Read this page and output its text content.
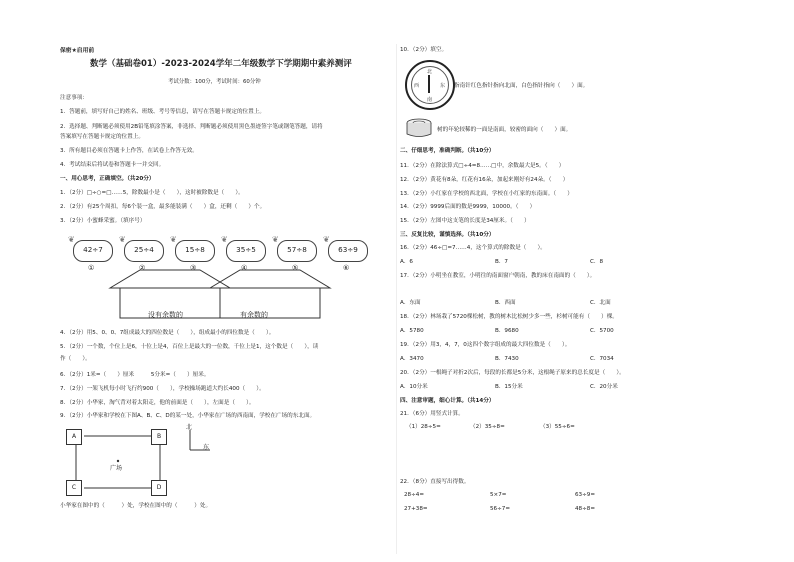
保密★启用前
数学（基础卷01）-2023-2024学年二年级数学下学期期中素养测评
考试分数：100分，考试时间：60分钟
注意事项：
1．答题前，填写好自己的姓名、班级、考号等信息，请写在答题卡规定的位置上。
2．选择题、判断题必须使用2B铅笔填涂答案，非选择、判断题必须使用黑色墨迹签字笔或钢笔答题，请将
答案填写在答题卡规定的位置上。
3．所有题目必须在答题卡上作答，在试卷上作答无效。
4．考试结束后将试卷和答题卡一并交回。
一、用心思考，正确填空。（共20分）
1．（2分）□÷○=□……5，除数最小是（　　），这时被除数是（　　）。
2．（2分）有25个周扣，每6个装一盒，最多能装满（　　）盒，还剩（　　）个。
3．（2分）小蜜蜂采蜜。（填序号）
❦
42÷7
❦
25÷4
❦
15÷8
❦
35÷5
❦
57÷8
❦
63÷9
①	②	③	④	⑤	⑥
没有余数的	有余数的
4．（2分）用5、0、0、7组成最大的四位数是（　　），组成最小的四位数是（　　）。
5．（2分）一个数，个位上是6，十位上是4，百位上是最大的一位数，千位上是1，这个数是（　　），读
作（　　）。
6．（2分）1米=（　　）厘米　　　5分米=（　　）厘米。
7．（2分）一架飞机每小时飞行约900（　　），学校操场跑道大约长400（　　）。
8．（2分）小华家，淘气背对着太阳走，他的前面是（　　），左面是（　　）。
9．（2分）小华家和学校在下图A、B、C、D的某一处，小华家在广场的西南面，学校在广场的东北面。
A	B
C	D
广场
北
东
小华家在图中的（　　　）处，学校在图中的（　　　）处。
10．（2分）填空。
北
南
西	东 指南针红色指针指向北面，白色指针指向（　　）面。
树的年轮较稀的一面是南面，较密的面向（　　）面。
二、仔细思考，准确判断。（共10分）
11．（2分）在除法算式□÷4=8……□中，余数最大是5。（　　）
12．（2分）黄花有8朵，红花有16朵，加起来刚好有24朵。（　　）
13．（2分）小红家在学校的西北面，学校在小红家的东南面。（　　）
14．（2分）9999后面的数是9999，10000。（　　）
15．（2分）左图中这支笔的长度是34厘米。（　　）
三、反复比较，谨慎选择。（共10分）
16．（2分）46÷□=7……4，这个算式的除数是（　　）。
A．6	B．7	C．8
17．（2分）小明坐在教室，小明往的南面窗户朝南，教的床在南面的（　　）。
A．东面	B．西面	C．北面
18．（2分）林场栽了5720棵松树，教的树木比松树少多一些，杉树可能有（　　）棵。
A．5780	B．9680	C．5700
19．（2分）用3，4，7，0这四个数字组成的最大四位数是（　　）。
A．3470	B．7430	C．7034
20．（2分）一根绳子对折2次后，每段的长都是5分米，这根绳子原来的总长度是（　　）。
A．10分米	B．15分米	C．20分米
四、注意审题，细心计算。（共14分）
21．（6分）用竖式计算。
（1）28÷5=	（2）35÷8=	（3）55÷6=
22．（8分）直接写出得数。
28÷4=	5×7=	63÷9=
27+38=	56÷7=	48÷8=
